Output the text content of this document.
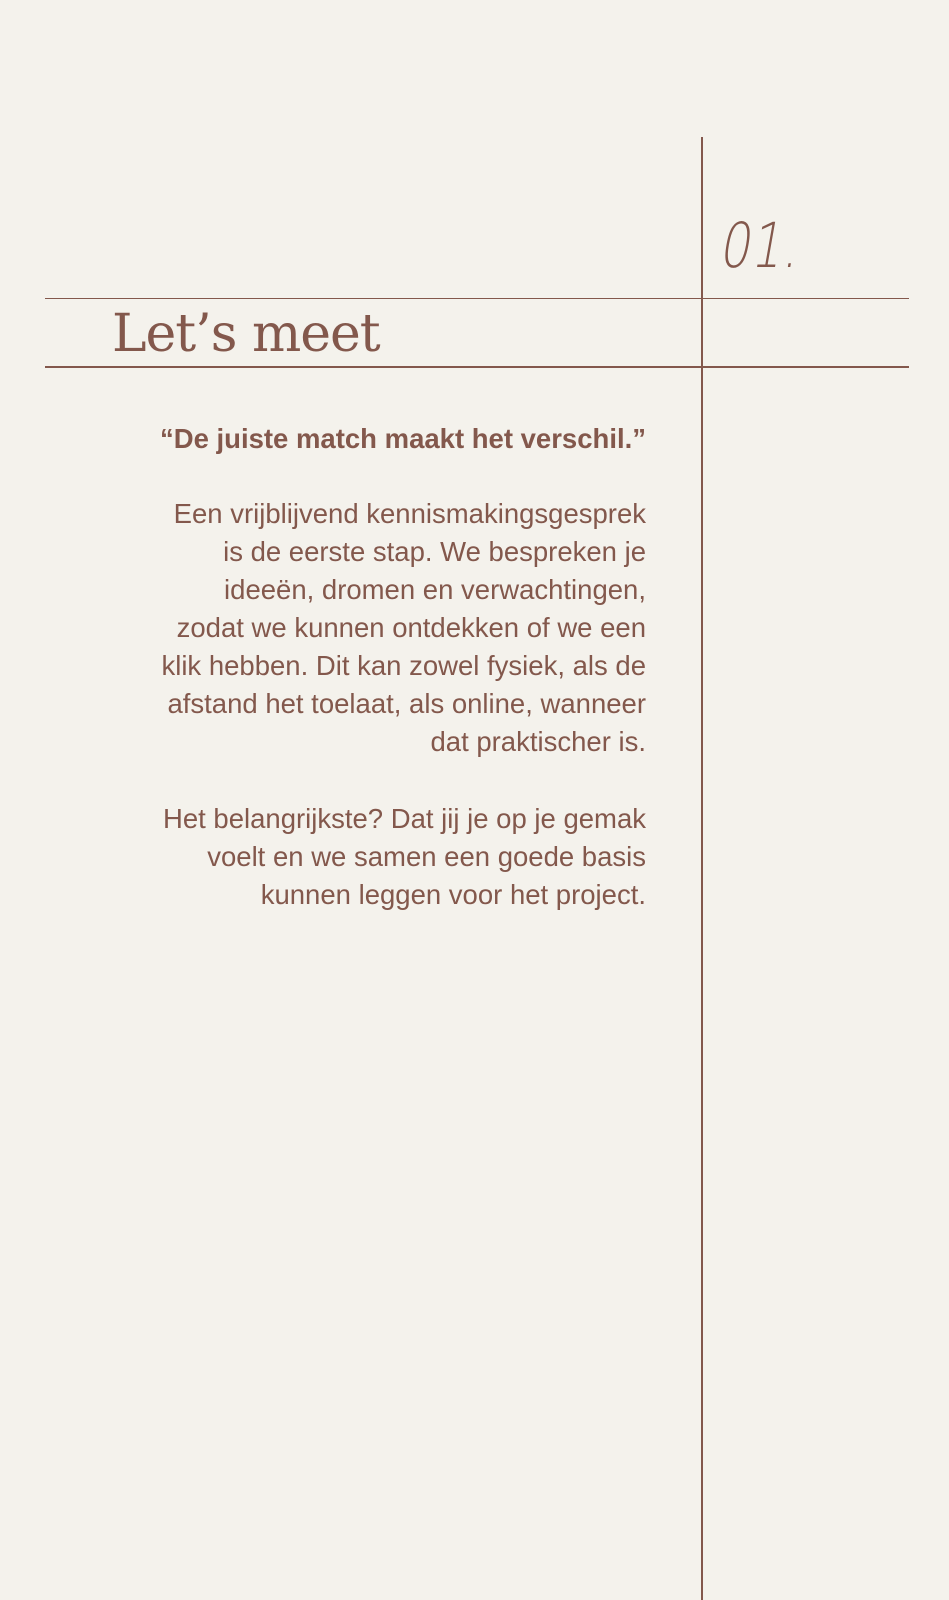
01.
Let’s meet
“De juiste match maakt het verschil.”
Een vrijblijvend kennismakingsgesprek
is de eerste stap. We bespreken je
ideeën, dromen en verwachtingen,
zodat we kunnen ontdekken of we een
klik hebben. Dit kan zowel fysiek, als de
afstand het toelaat, als online, wanneer
dat praktischer is.
Het belangrijkste? Dat jij je op je gemak
voelt en we samen een goede basis
kunnen leggen voor het project.
